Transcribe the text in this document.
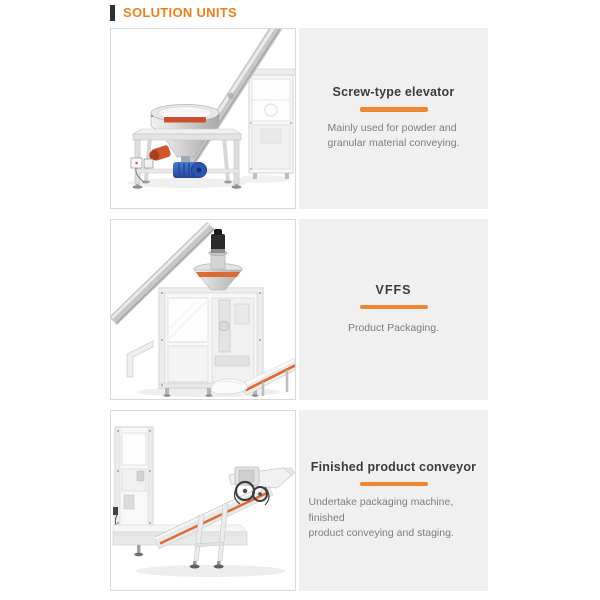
SOLUTION UNITS
Screw-type elevator
Mainly used for powder and
granular material conveying.
VFFS
Product Packaging.
Finished product conveyor
Undertake packaging machine, finished
product conveying and staging.
